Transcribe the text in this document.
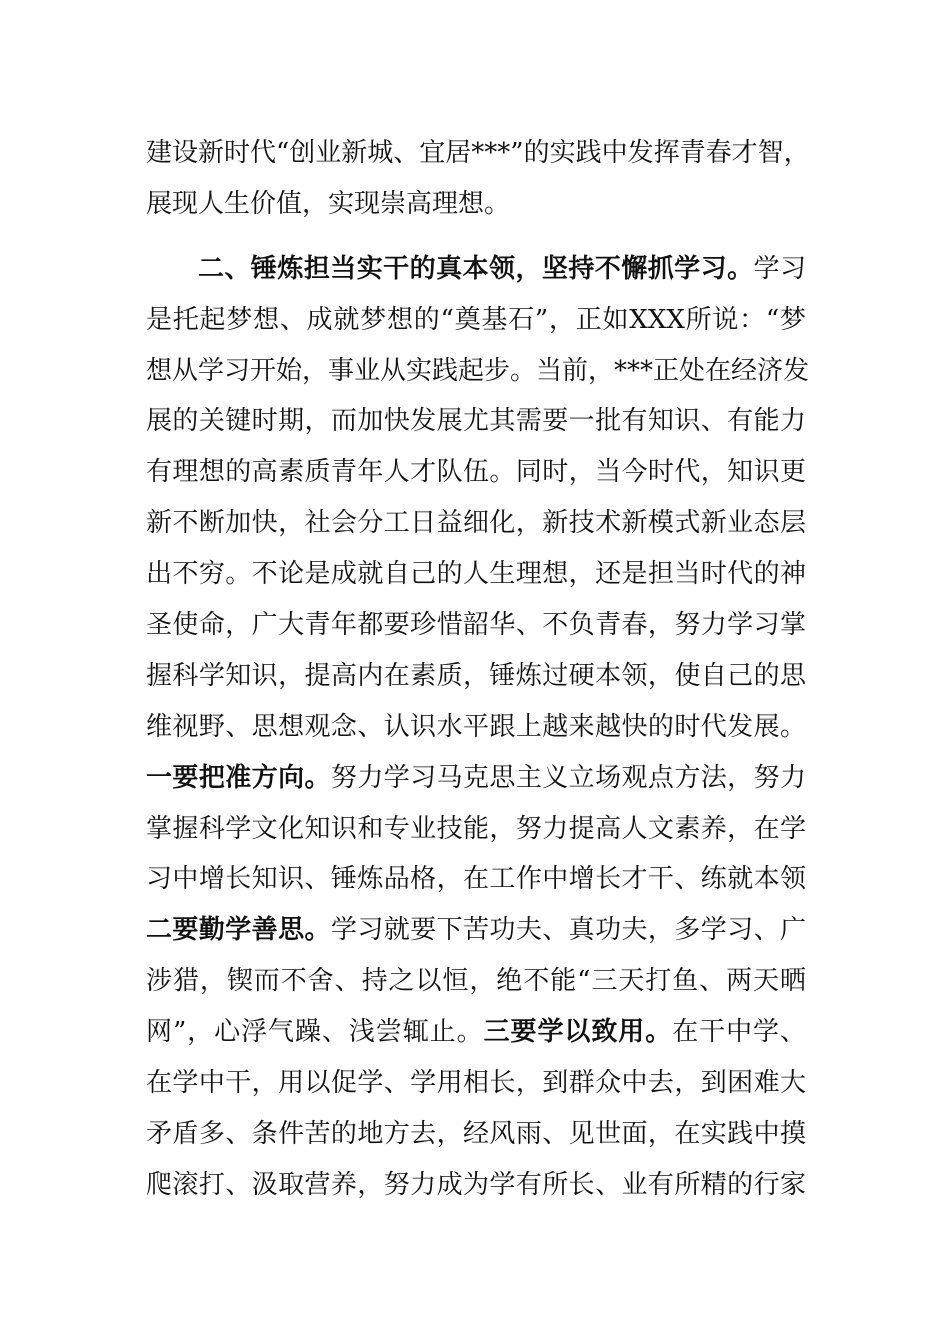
建设新时代“创业新城、宜居***”的实践中发挥青春才智，
展现人生价值，实现崇高理想。
二、锤炼担当实干的真本领，坚持不懈抓学习。学习
是托起梦想、成就梦想的“奠基石”，正如XXX所说：“梦
想从学习开始，事业从实践起步。当前，***正处在经济发
展的关键时期，而加快发展尤其需要一批有知识、有能力
有理想的高素质青年人才队伍。同时，当今时代，知识更
新不断加快，社会分工日益细化，新技术新模式新业态层
出不穷。不论是成就自己的人生理想，还是担当时代的神
圣使命，广大青年都要珍惜韶华、不负青春，努力学习掌
握科学知识，提高内在素质，锤炼过硬本领，使自己的思
维视野、思想观念、认识水平跟上越来越快的时代发展。
一要把准方向。努力学习马克思主义立场观点方法，努力
掌握科学文化知识和专业技能，努力提高人文素养，在学
习中增长知识、锤炼品格，在工作中增长才干、练就本领
二要勤学善思。学习就要下苦功夫、真功夫，多学习、广
涉猎，锲而不舍、持之以恒，绝不能“三天打鱼、两天晒
网”，心浮气躁、浅尝辄止。三要学以致用。在干中学、
在学中干，用以促学、学用相长，到群众中去，到困难大
矛盾多、条件苦的地方去，经风雨、见世面，在实践中摸
爬滚打、汲取营养，努力成为学有所长、业有所精的行家
